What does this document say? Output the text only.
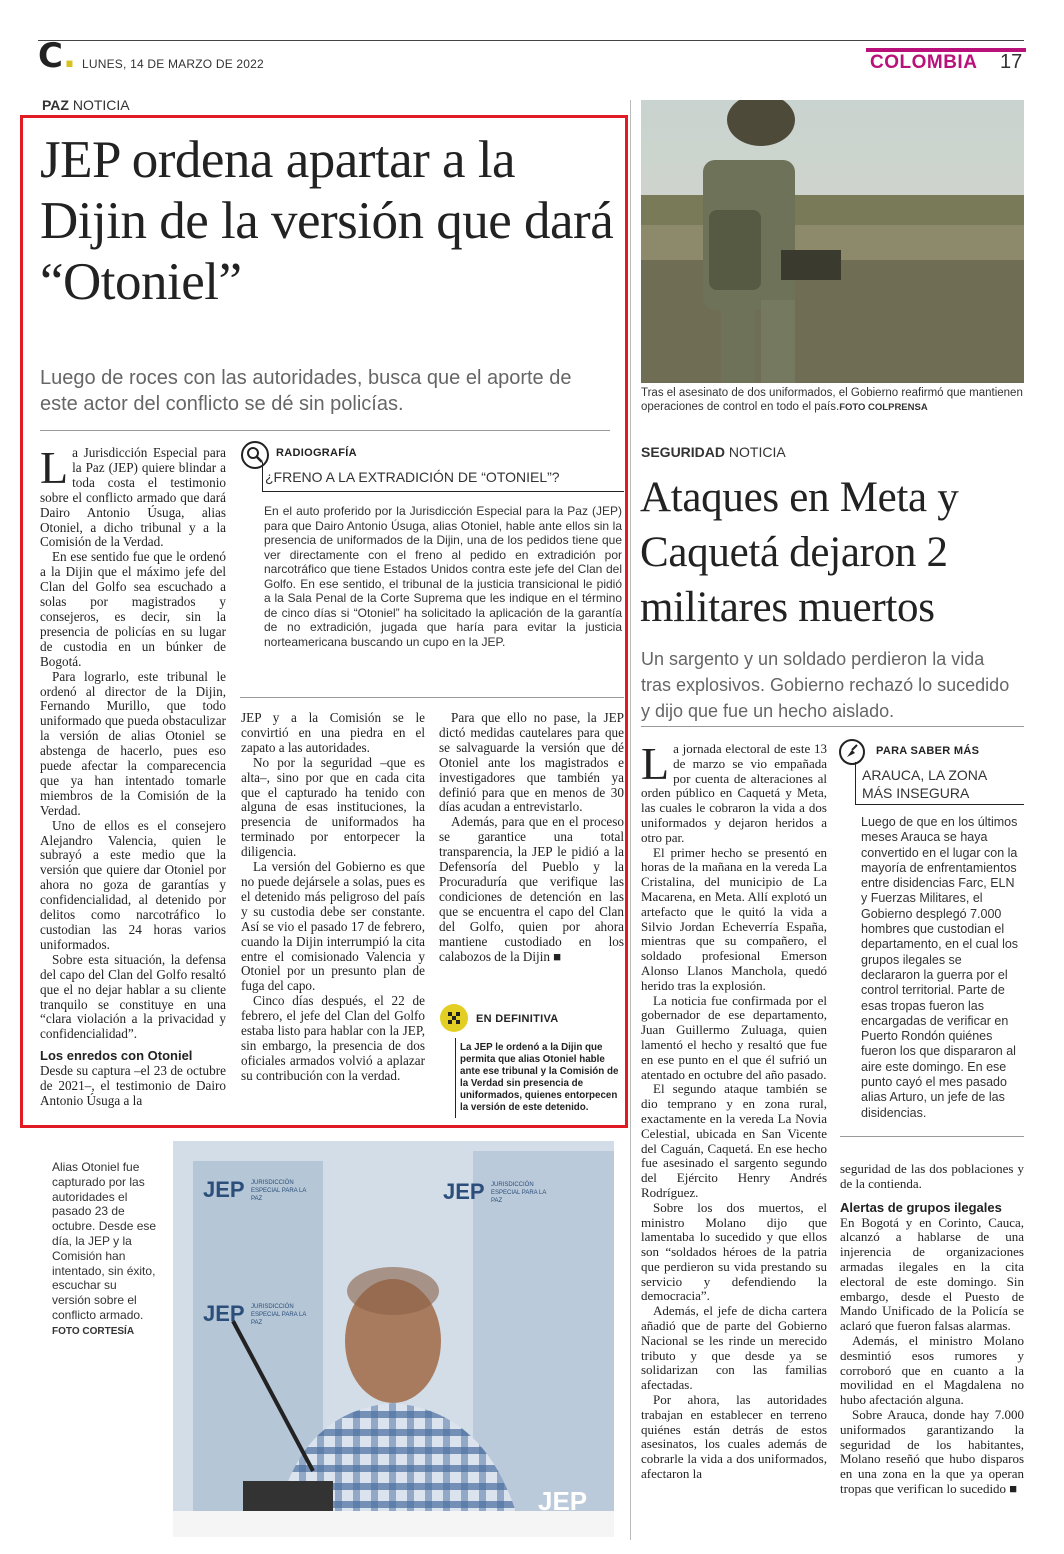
C. LUNES, 14 DE MARZO DE 2022	COLOMBIA 17
PAZ NOTICIA
JEP ordena apartar a la Dijin de la versión que dará “Otoniel”
Luego de roces con las autoridades, busca que el aporte de este actor del conflicto se dé sin policías.
L a Jurisdicción Especial para la Paz (JEP) quiere blindar a toda costa el testimonio sobre el conflicto armado que dará Dairo Antonio Úsuga, alias Otoniel, a dicho tribunal y a la Comisión de la Verdad.

En ese sentido fue que le ordenó a la Dijin que el máximo jefe del Clan del Golfo sea escuchado a solas por magistrados y consejeros, es decir, sin la presencia de policías en su lugar de custodia en un búnker de Bogotá.

Para lograrlo, este tribunal le ordenó al director de la Dijin, Fernando Murillo, que todo uniformado que pueda obstaculizar la versión de alias Otoniel se abstenga de hacerlo, pues eso puede afectar la comparecencia que ya han intentado tomarle miembros de la Comisión de la Verdad.

Uno de ellos es el consejero Alejandro Valencia, quien le subrayó a este medio que la versión que quiere dar Otoniel por ahora no goza de garantías y confidencialidad, al detenido por delitos como narcotráfico lo custodian las 24 horas varios uniformados.

Sobre esta situación, la defensa del capo del Clan del Golfo resaltó que el no dejar hablar a su cliente tranquilo se constituye en una “clara violación a la privacidad y confidencialidad”.

Los enredos con Otoniel

Desde su captura –el 23 de octubre de 2021–, el testimonio de Dairo Antonio Úsuga a la

RADIOGRAFÍA
¿FRENO A LA EXTRADICIÓN DE “OTONIEL”?
En el auto proferido por la Jurisdicción Especial para la Paz (JEP) para que Dairo Antonio Úsuga, alias Otoniel, hable ante ellos sin la presencia de uniformados de la Dijin, una de los pedidos tiene que ver directamente con el freno al pedido en extradición por narcotráfico que tiene Estados Unidos contra este jefe del Clan del Golfo. En ese sentido, el tribunal de la justicia transicional le pidió a la Sala Penal de la Corte Suprema que les indique en el término de cinco días si “Otoniel” ha solicitado la aplicación de la garantía de no extradición, jugada que haría para evitar la justicia norteamericana buscando un cupo en la JEP.

JEP y a la Comisión se le convirtió en una piedra en el zapato a las autoridades.

No por la seguridad –que es alta–, sino por que en cada cita que el capturado ha tenido con alguna de esas instituciones, la presencia de uniformados ha terminado por entorpecer la diligencia.

La versión del Gobierno es que no puede dejársele a solas, pues es el detenido más peligroso del país y su custodia debe ser constante. Así se vio el pasado 17 de febrero, cuando la Dijin interrumpió la cita entre el comisionado Valencia y Otoniel por un presunto plan de fuga del capo.

Cinco días después, el 22 de febrero, el jefe del Clan del Golfo estaba listo para hablar con la JEP, sin embargo, la presencia de dos oficiales armados volvió a aplazar su contribución con la verdad.

Para que ello no pase, la JEP dictó medidas cautelares para que se salvaguarde la versión que dé Otoniel ante los magistrados e investigadores que también ya definió para que en menos de 30 días acudan a entrevistarlo.

Además, para que en el proceso se garantice una total transparencia, la JEP le pidió a la Defensoría del Pueblo y la Procuraduría que verifique las condiciones de detención en las que se encuentra el capo del Clan del Golfo, quien por ahora mantiene custodiado en los calabozos de la Dijin ■

EN DEFINITIVA
La JEP le ordenó a la Dijin que permita que alias Otoniel hable ante ese tribunal y la Comisión de la Verdad sin presencia de uniformados, quienes entorpecen la versión de este detenido.
JEP JURISDICCIÓN ESPECIAL PARA LA PAZ	JEP JURISDICCIÓN ESPECIAL PARA LA PAZ
JEP JURISDICCIÓN ESPECIAL PARA LA PAZ
JEP
Alias Otoniel fue capturado por las autoridades el pasado 23 de octubre. Desde ese día, la JEP y la Comisión han intentado, sin éxito, escuchar su versión sobre el conflicto armado.
FOTO CORTESÍA
Tras el asesinato de dos uniformados, el Gobierno reafirmó que mantienen operaciones de control en todo el país.FOTO COLPRENSA
SEGURIDAD NOTICIA
Ataques en Meta y Caquetá dejaron 2 militares muertos
Un sargento y un soldado perdieron la vida tras explosivos. Gobierno rechazó lo sucedido y dijo que fue un hecho aislado.
L a jornada electoral de este 13 de marzo se vio empañada por cuenta de alteraciones al orden público en Caquetá y Meta, las cuales le cobraron la vida a dos uniformados y dejaron heridos a otro par.

El primer hecho se presentó en horas de la mañana en la vereda La Cristalina, del municipio de La Macarena, en Meta. Allí explotó un artefacto que le quitó la vida a Silvio Jordan Echeverría España, mientras que su compañero, el soldado profesional Emerson Alonso Llanos Manchola, quedó herido tras la explosión.

La noticia fue confirmada por el gobernador de ese departamento, Juan Guillermo Zuluaga, quien lamentó el hecho y resaltó que fue en ese punto en el que él sufrió un atentado en octubre del año pasado.

El segundo ataque también se dio temprano y en zona rural, exactamente en la vereda La Novia Celestial, ubicada en San Vicente del Caguán, Caquetá. En ese hecho fue asesinado el sargento segundo del Ejército Henry Andrés Rodríguez.

Sobre los dos muertos, el ministro Molano dijo que lamentaba lo sucedido y que ellos son “soldados héroes de la patria que perdieron su vida prestando su servicio y defendiendo la democracia”.

Además, el jefe de dicha cartera añadió que de parte del Gobierno Nacional se les rinde un merecido tributo y que desde ya se solidarizan con las familias afectadas.

Por ahora, las autoridades trabajan en establecer en terreno quiénes están detrás de estos asesinatos, los cuales además de cobrarle la vida a dos uniformados, afectaron la

PARA SABER MÁS
ARAUCA, LA ZONA MÁS INSEGURA
Luego de que en los últimos meses Arauca se haya convertido en el lugar con la mayoría de enfrentamientos entre disidencias Farc, ELN y Fuerzas Militares, el Gobierno desplegó 7.000 hombres que custodian el departamento, en el cual los grupos ilegales se declararon la guerra por el control territorial. Parte de esas tropas fueron las encargadas de verificar en Puerto Rondón quiénes fueron los que dispararon al aire este domingo. En ese punto cayó el mes pasado alias Arturo, un jefe de las disidencias.

seguridad de las dos poblaciones y de la contienda.

Alertas de grupos ilegales

En Bogotá y en Corinto, Cauca, alcanzó a hablarse de una injerencia de organizaciones armadas ilegales en la cita electoral de este domingo. Sin embargo, desde el Puesto de Mando Unificado de la Policía se aclaró que fueron falsas alarmas.

Además, el ministro Molano desmintió esos rumores y corroboró que en cuanto a la movilidad en el Magdalena no hubo afectación alguna.

Sobre Arauca, donde hay 7.000 uniformados garantizando la seguridad de los habitantes, Molano reseñó que hubo disparos en una zona en la que ya operan tropas que verifican lo sucedido ■
